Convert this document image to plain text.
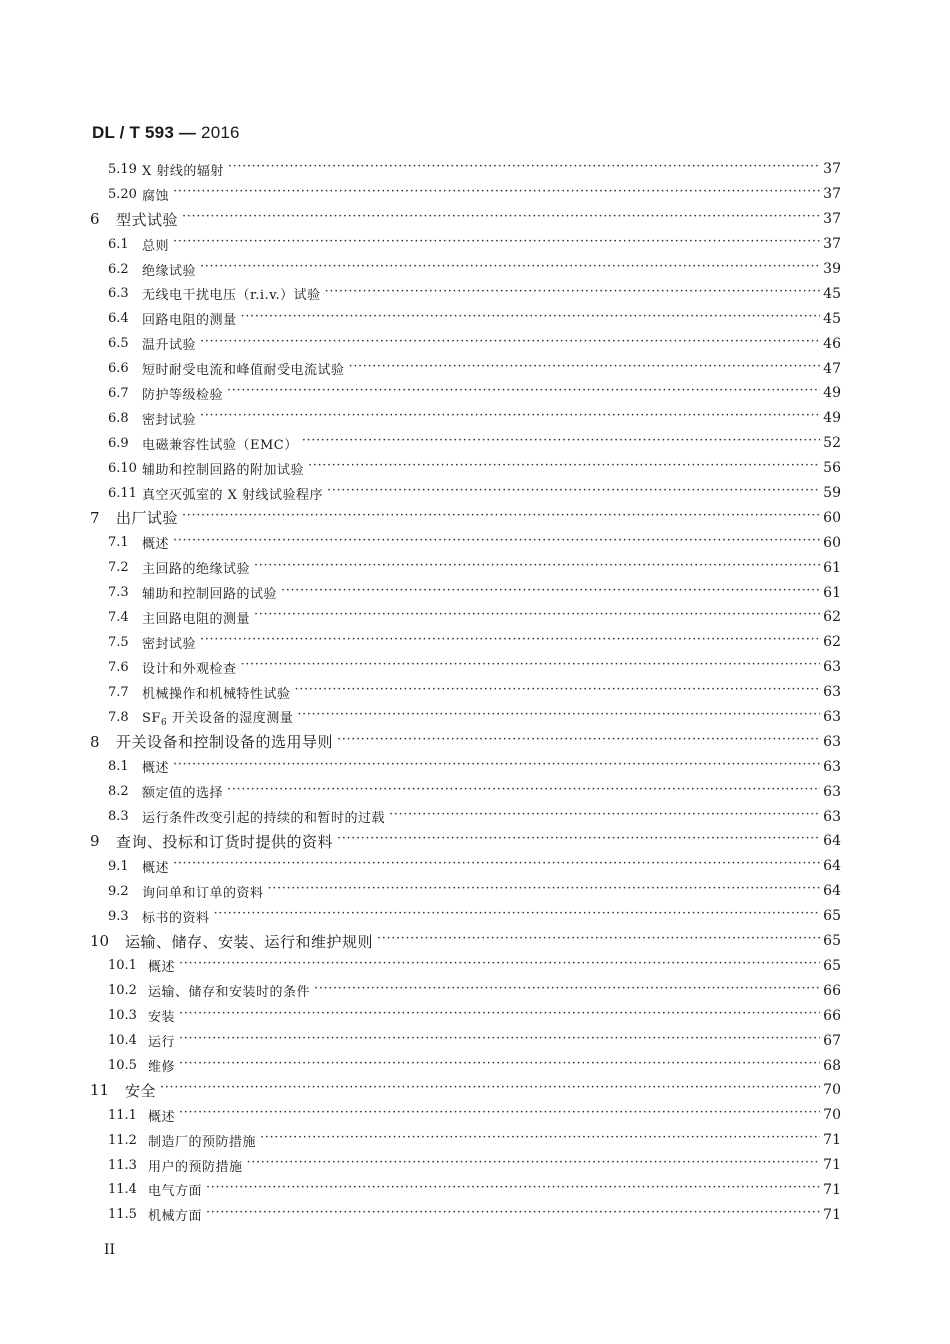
DL / T 593 — 2016
5.19 X 射线的辐射 ·····	37
5.20 腐蚀 ·····	37
6	型式试验 ·····	37
6.1	总则 ·····	37
6.2	绝缘试验 ·····	39
6.3	无线电干扰电压（r.i.v.）试验 ·····	45
6.4	回路电阻的测量 ·····	45
6.5	温升试验 ·····	46
6.6	短时耐受电流和峰值耐受电流试验 ·····	47
6.7	防护等级检验 ·····	49
6.8	密封试验 ·····	49
6.9	电磁兼容性试验（EMC） ·····	52
6.10 辅助和控制回路的附加试验 ·····	56
6.11 真空灭弧室的 X 射线试验程序 ·····	59
7	出厂试验 ·····	60
7.1	概述 ·····	60
7.2	主回路的绝缘试验 ·····	61
7.3	辅助和控制回路的试验 ·····	61
7.4	主回路电阻的测量 ·····	62
7.5	密封试验 ·····	62
7.6	设计和外观检查 ·····	63
7.7	机械操作和机械特性试验 ·····	63
7.8	$SF_6$ 开关设备的湿度测量 ·····	63
8	开关设备和控制设备的选用导则 ·····	63
8.1	概述 ·····	63
8.2	额定值的选择 ·····	63
8.3	运行条件改变引起的持续的和暂时的过载 ·····	63
9	查询、投标和订货时提供的资料 ·····	64
9.1	概述 ·····	64
9.2	询问单和订单的资料 ·····	64
9.3	标书的资料 ·····	65
10	运输、储存、安装、运行和维护规则 ·····	65
10.1 概述 ·····	65
10.2 运输、储存和安装时的条件 ·····	66
10.3 安装 ·····	66
10.4 运行 ·····	67
10.5 维修 ·····	68
11	安全 ·····	70
11.1 概述 ·····	70
11.2 制造厂的预防措施 ·····	71
11.3 用户的预防措施 ·····	71
11.4 电气方面 ·····	71
11.5 机械方面 ·····	71
II
